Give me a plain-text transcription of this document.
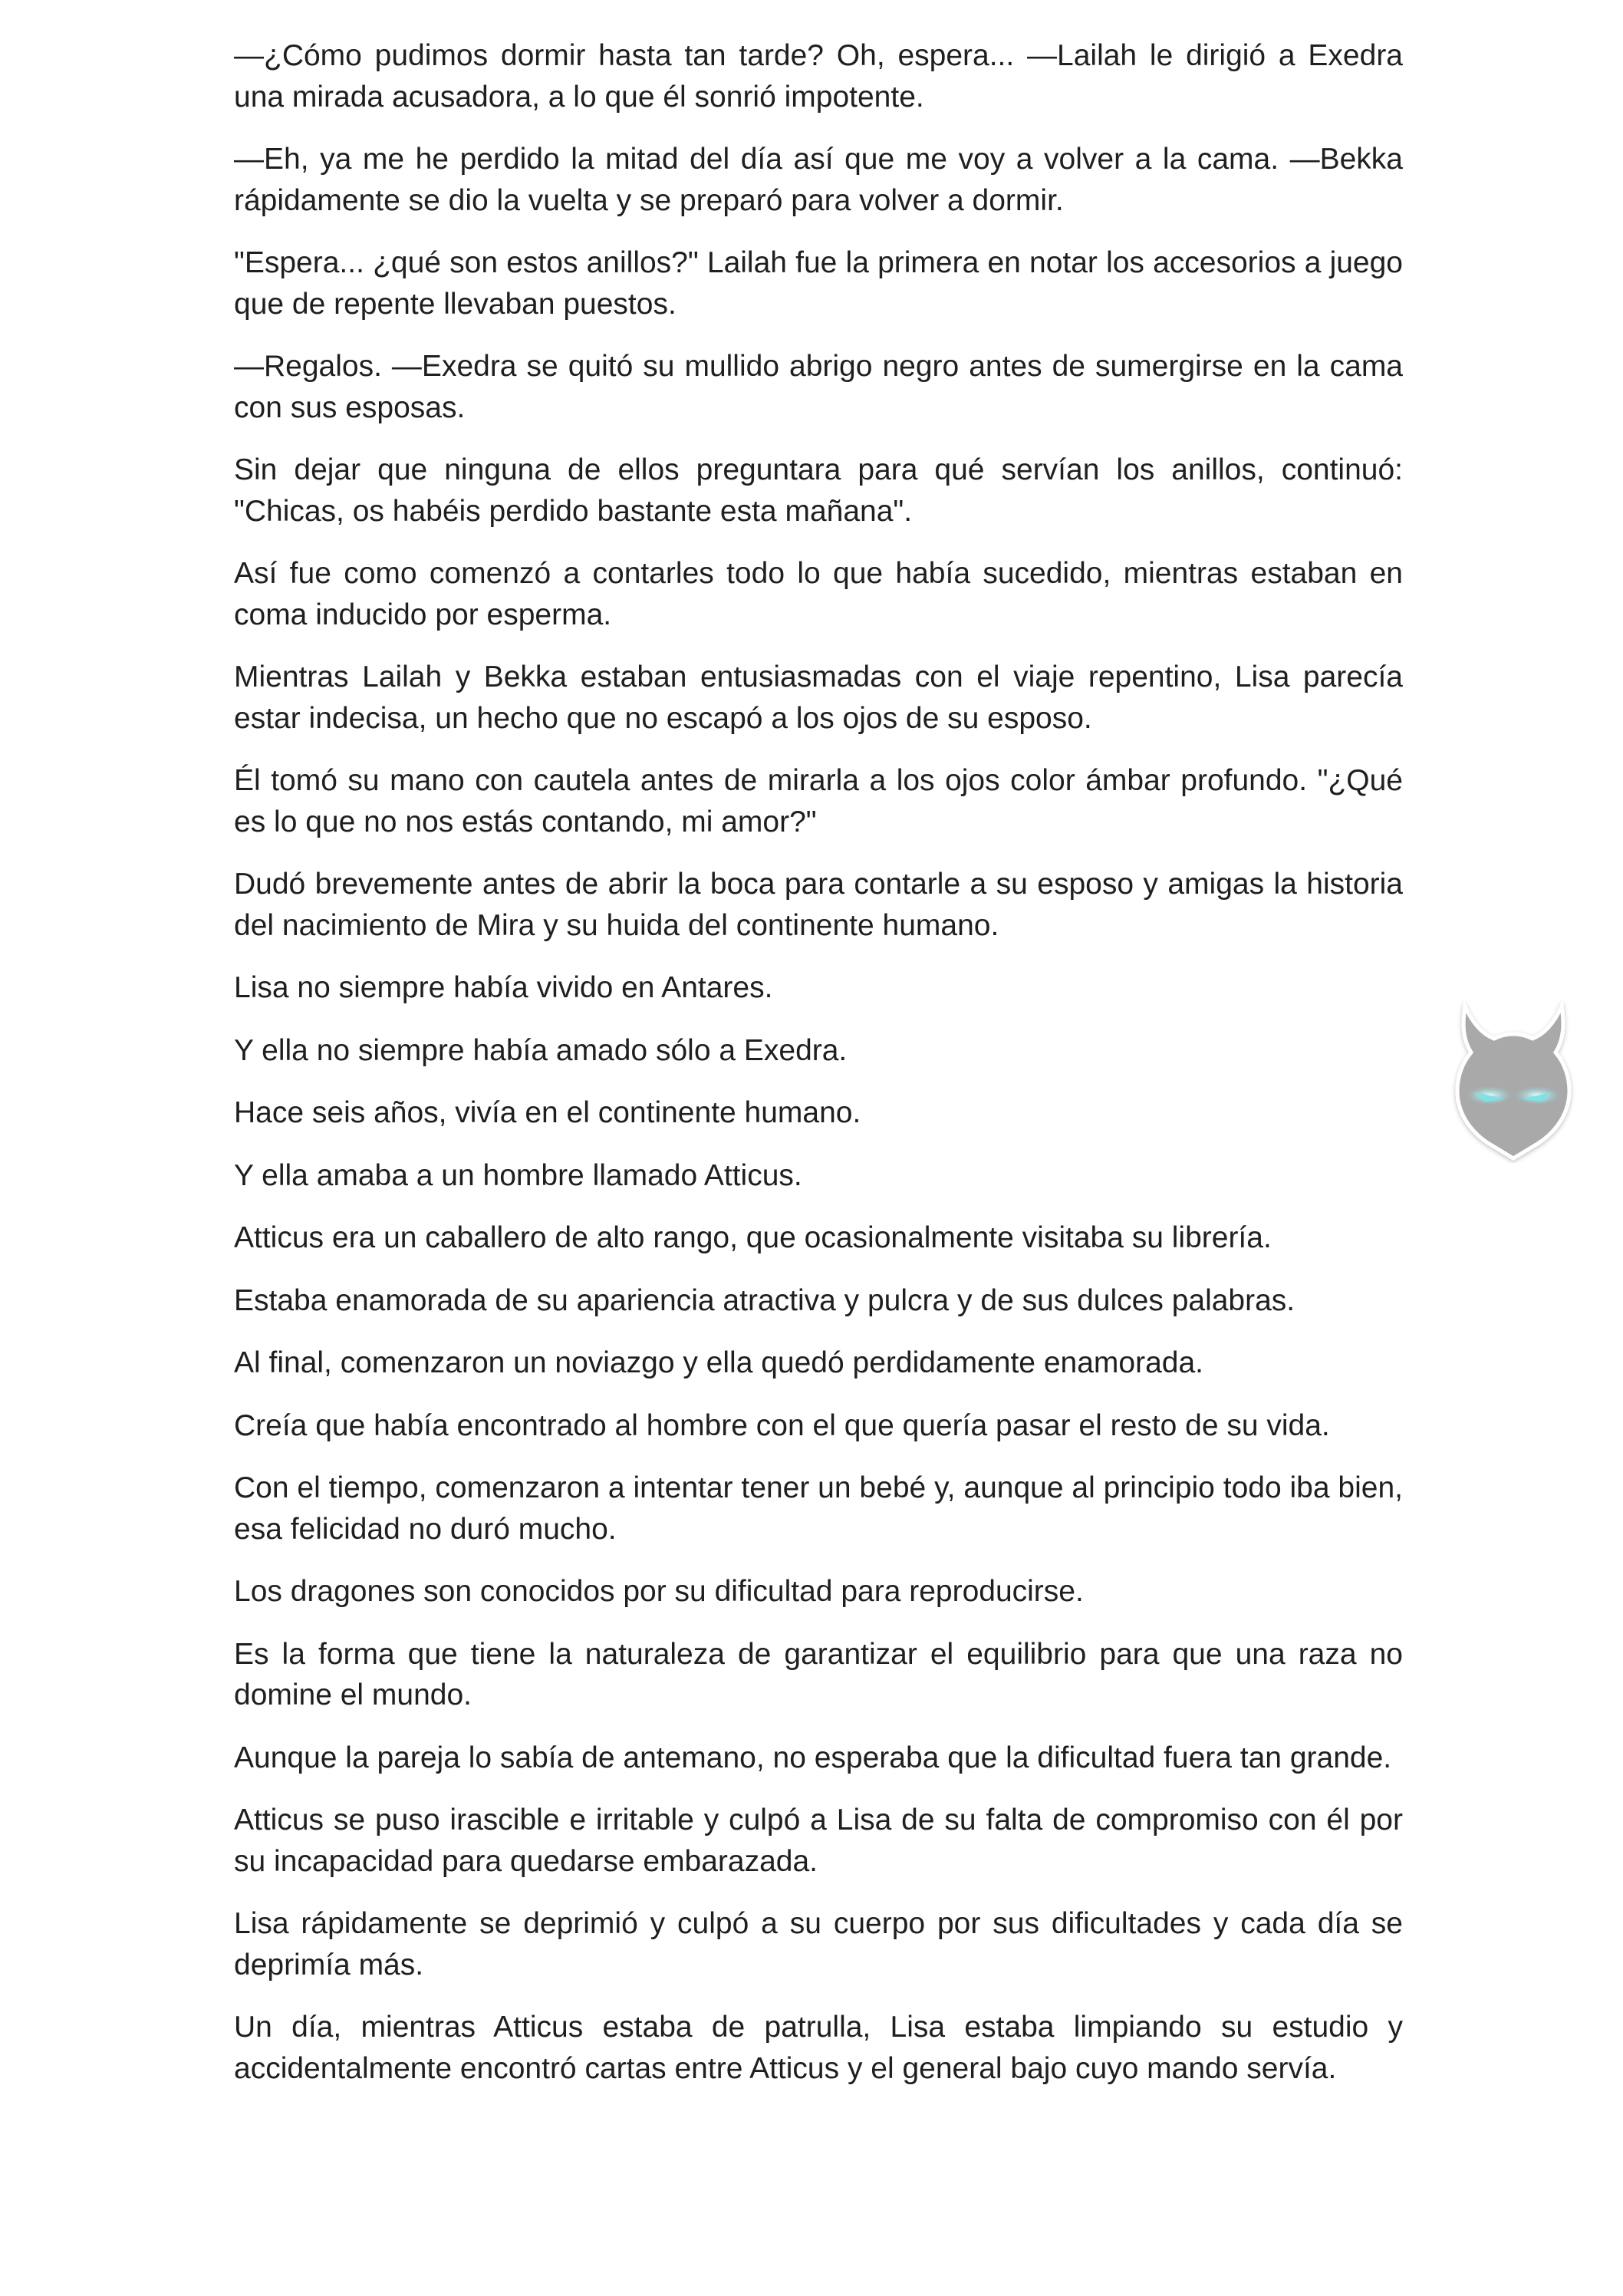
—¿Cómo pudimos dormir hasta tan tarde? Oh, espera... —Lailah le dirigió a Exedra una mirada acusadora, a lo que él sonrió impotente.

—Eh, ya me he perdido la mitad del día así que me voy a volver a la cama. —Bekka rápidamente se dio la vuelta y se preparó para volver a dormir.

"Espera... ¿qué son estos anillos?" Lailah fue la primera en notar los accesorios a juego que de repente llevaban puestos.

—Regalos. —Exedra se quitó su mullido abrigo negro antes de sumergirse en la cama con sus esposas.

Sin dejar que ninguna de ellos preguntara para qué servían los anillos, continuó: "Chicas, os habéis perdido bastante esta mañana".

Así fue como comenzó a contarles todo lo que había sucedido, mientras estaban en coma inducido por esperma.

Mientras Lailah y Bekka estaban entusiasmadas con el viaje repentino, Lisa parecía estar indecisa, un hecho que no escapó a los ojos de su esposo.

Él tomó su mano con cautela antes de mirarla a los ojos color ámbar profundo. "¿Qué es lo que no nos estás contando, mi amor?"

Dudó brevemente antes de abrir la boca para contarle a su esposo y amigas la historia del nacimiento de Mira y su huida del continente humano.

Lisa no siempre había vivido en Antares.

Y ella no siempre había amado sólo a Exedra.

Hace seis años, vivía en el continente humano.

Y ella amaba a un hombre llamado Atticus.

Atticus era un caballero de alto rango, que ocasionalmente visitaba su librería.

Estaba enamorada de su apariencia atractiva y pulcra y de sus dulces palabras.

Al final, comenzaron un noviazgo y ella quedó perdidamente enamorada.

Creía que había encontrado al hombre con el que quería pasar el resto de su vida.

Con el tiempo, comenzaron a intentar tener un bebé y, aunque al principio todo iba bien, esa felicidad no duró mucho.

Los dragones son conocidos por su dificultad para reproducirse.

Es la forma que tiene la naturaleza de garantizar el equilibrio para que una raza no domine el mundo.

Aunque la pareja lo sabía de antemano, no esperaba que la dificultad fuera tan grande.

Atticus se puso irascible e irritable y culpó a Lisa de su falta de compromiso con él por su incapacidad para quedarse embarazada.

Lisa rápidamente se deprimió y culpó a su cuerpo por sus dificultades y cada día se deprimía más.

Un día, mientras Atticus estaba de patrulla, Lisa estaba limpiando su estudio y accidentalmente encontró cartas entre Atticus y el general bajo cuyo mando servía.
